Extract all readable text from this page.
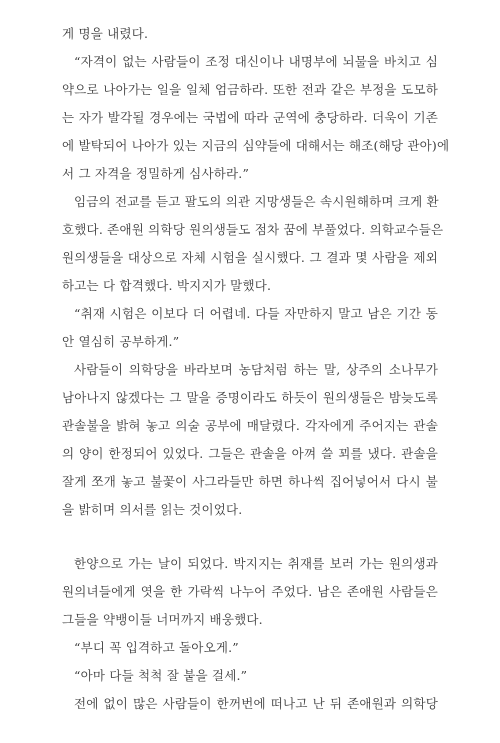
게 명을 내렸다.
“자격이 없는 사람들이 조정 대신이나 내명부에 뇌물을 바치고 심
약으로 나아가는 일을 일체 엄금하라. 또한 전과 같은 부정을 도모하
는 자가 발각될 경우에는 국법에 따라 군역에 충당하라. 더욱이 기존
에 발탁되어 나아가 있는 지금의 심약들에 대해서는 해조(해당 관아)에
서 그 자격을 정밀하게 심사하라.”
임금의 전교를 듣고 팔도의 의관 지망생들은 속시원해하며 크게 환
호했다. 존애원 의학당 원의생들도 점차 꿈에 부풀었다. 의학교수들은
원의생들을 대상으로 자체 시험을 실시했다. 그 결과 몇 사람을 제외
하고는 다 합격했다. 박지지가 말했다.
“취재 시험은 이보다 더 어렵네. 다들 자만하지 말고 남은 기간 동
안 열심히 공부하게.”
사람들이 의학당을 바라보며 농담처럼 하는 말, 상주의 소나무가
남아나지 않겠다는 그 말을 증명이라도 하듯이 원의생들은 밤늦도록
관솔불을 밝혀 놓고 의술 공부에 매달렸다. 각자에게 주어지는 관솔
의 양이 한정되어 있었다. 그들은 관솔을 아껴 쓸 꾀를 냈다. 관솔을
잘게 쪼개 놓고 불꽃이 사그라들만 하면 하나씩 집어넣어서 다시 불
을 밝히며 의서를 읽는 것이었다.
한양으로 가는 날이 되었다. 박지지는 취재를 보러 가는 원의생과
원의녀들에게 엿을 한 가락씩 나누어 주었다. 남은 존애원 사람들은
그들을 약뱅이들 너머까지 배웅했다.
“부디 꼭 입격하고 돌아오게.”
“아마 다들 척척 잘 붙을 걸세.”
전에 없이 많은 사람들이 한꺼번에 떠나고 난 뒤 존애원과 의학당
